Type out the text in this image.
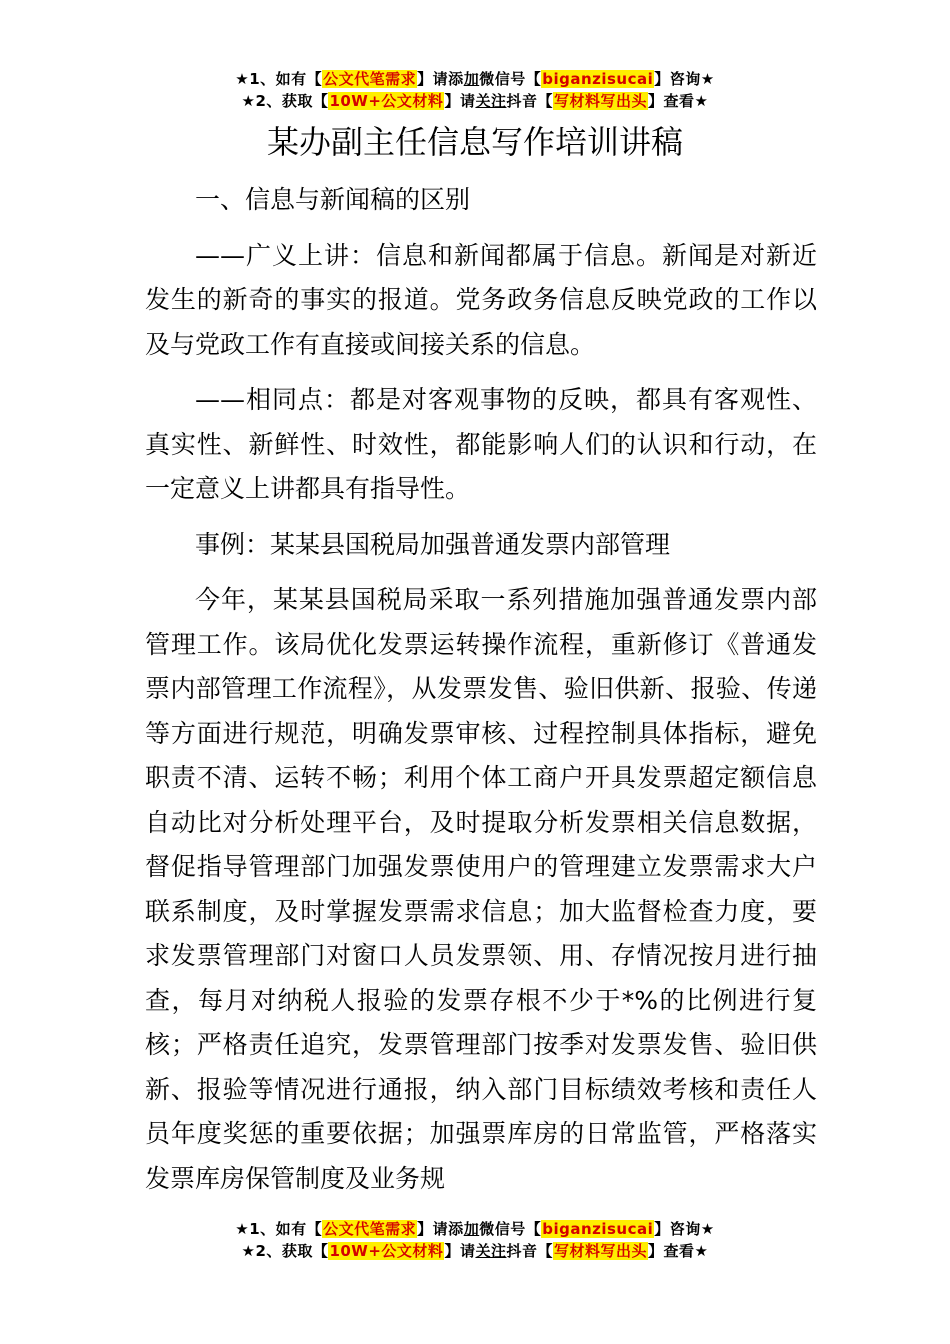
★1、如有【公文代笔需求】请添加微信号【biganzisucai】咨询★
★2、获取【10W+公文材料】请关注抖音【写材料写出头】查看★
某办副主任信息写作培训讲稿

一、信息与新闻稿的区别

——广义上讲：信息和新闻都属于信息。新闻是对新近发生的新奇的事实的报道。党务政务信息反映党政的工作以及与党政工作有直接或间接关系的信息。

——相同点：都是对客观事物的反映，都具有客观性、真实性、新鲜性、时效性，都能影响人们的认识和行动，在一定意义上讲都具有指导性。

事例：某某县国税局加强普通发票内部管理

今年，某某县国税局采取一系列措施加强普通发票内部管理工作。该局优化发票运转操作流程，重新修订《普通发票内部管理工作流程》，从发票发售、验旧供新、报验、传递等方面进行规范，明确发票审核、过程控制具体指标，避免职责不清、运转不畅；利用个体工商户开具发票超定额信息自动比对分析处理平台，及时提取分析发票相关信息数据，督促指导管理部门加强发票使用户的管理建立发票需求大户联系制度，及时掌握发票需求信息；加大监督检查力度，要求发票管理部门对窗口人员发票领、用、存情况按月进行抽查，每月对纳税人报验的发票存根不少于*%的比例进行复核；严格责任追究，发票管理部门按季对发票发售、验旧供新、报验等情况进行通报，纳入部门目标绩效考核和责任人员年度奖惩的重要依据；加强票库房的日常监管，严格落实发票库房保管制度及业务规

★1、如有【公文代笔需求】请添加微信号【biganzisucai】咨询★
★2、获取【10W+公文材料】请关注抖音【写材料写出头】查看★
